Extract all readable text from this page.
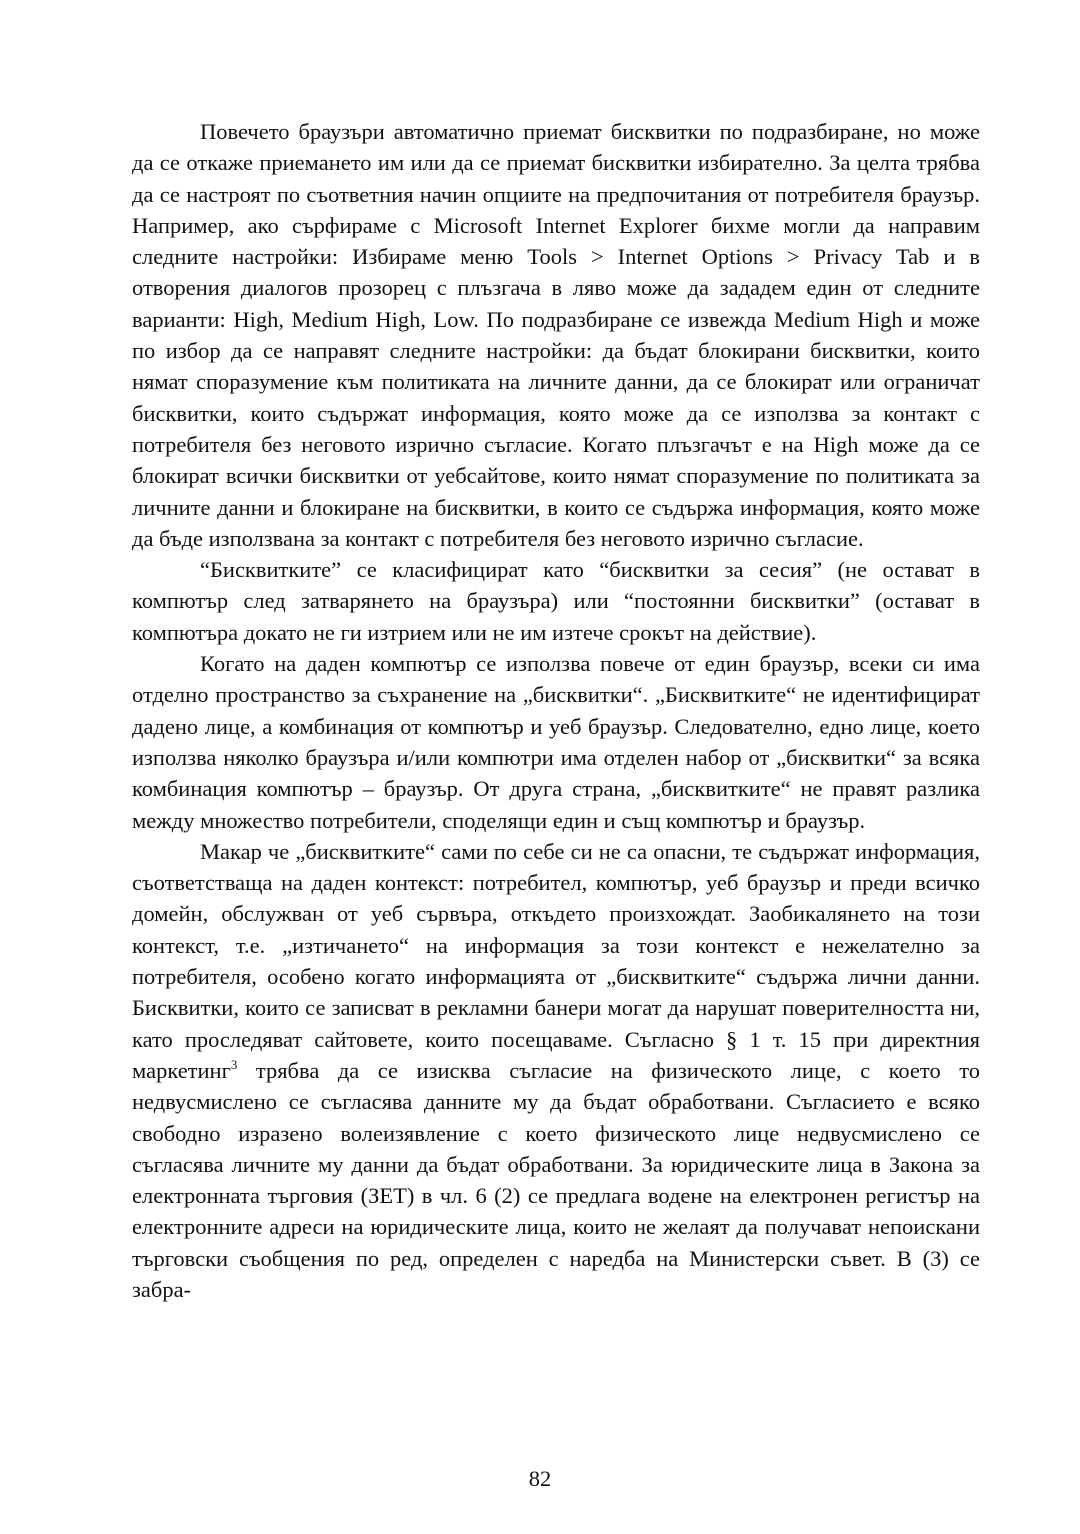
Повечето браузъри автоматично приемат бисквитки по подразбиране, но може да се откаже приемането им или да се приемат бисквитки избирателно. За целта трябва да се настроят по съответния начин опциите на предпочитания от потребителя браузър. Например, ако сърфираме с Microsoft Internet Explorer бихме могли да направим следните настройки: Избираме меню Tools > Internet Options > Privacy Tab и в отворения диалогов прозорец с плъзгача в ляво може да зададем един от следните варианти: High, Medium High, Low. По подразбиране се извежда Medium High и може по избор да се направят следните настройки: да бъдат блокирани бисквитки, които нямат споразумение към политиката на личните данни, да се блокират или ограничат бисквитки, които съдържат информация, която може да се използва за контакт с потребителя без неговото изрично съгласие. Когато плъзгачът е на High може да се блокират всички бисквитки от уебсайтове, които нямат споразумение по политиката за личните данни и блокиране на бисквитки, в които се съдържа информация, която може да бъде използвана за контакт с потребителя без неговото изрично съгласие.

“Бисквитките” се класифицират като “бисквитки за сесия” (не остават в компютър след затварянето на браузъра) или “постоянни бисквитки” (остават в компютъра докато не ги изтрием или не им изтече срокът на действие).

Когато на даден компютър се използва повече от един браузър, всеки си има отделно пространство за съхранение на „бисквитки“. „Бисквитките“ не идентифицират дадено лице, а комбинация от компютър и уеб браузър. Следователно, едно лице, което използва няколко браузъра и/или компютри има отделен набор от „бисквитки“ за всяка комбинация компютър – браузър. От друга страна, „бисквитките“ не правят разлика между множество потребители, споделящи един и същ компютър и браузър.

Макар че „бисквитките“ сами по себе си не са опасни, те съдържат информация, съответстваща на даден контекст: потребител, компютър, уеб браузър и преди всичко домейн, обслужван от уеб сървъра, откъдето произхождат. Заобикалянето на този контекст, т.е. „изтичането“ на информация за този контекст е нежелателно за потребителя, особено когато информацията от „бисквитките“ съдържа лични данни. Бисквитки, които се записват в рекламни банери могат да нарушат поверителността ни, като проследяват сайтовете, които посещаваме. Съгласно § 1 т. 15 при директния маркетинг$^3$ трябва да се изисква съгласие на физическото лице, с което то недвусмислено се съгласява данните му да бъдат обработвани. Съгласието е всяко свободно изразено волеизявление с което физическото лице недвусмислено се съгласява личните му данни да бъдат обработвани. За юридическите лица в Закона за електронната търговия (ЗЕТ) в чл. 6 (2) се предлага водене на електронен регистър на електронните адреси на юридическите лица, които не желаят да получават непоискани търговски съобщения по ред, определен с наредба на Министерски съвет. В (3) се забра-

82
